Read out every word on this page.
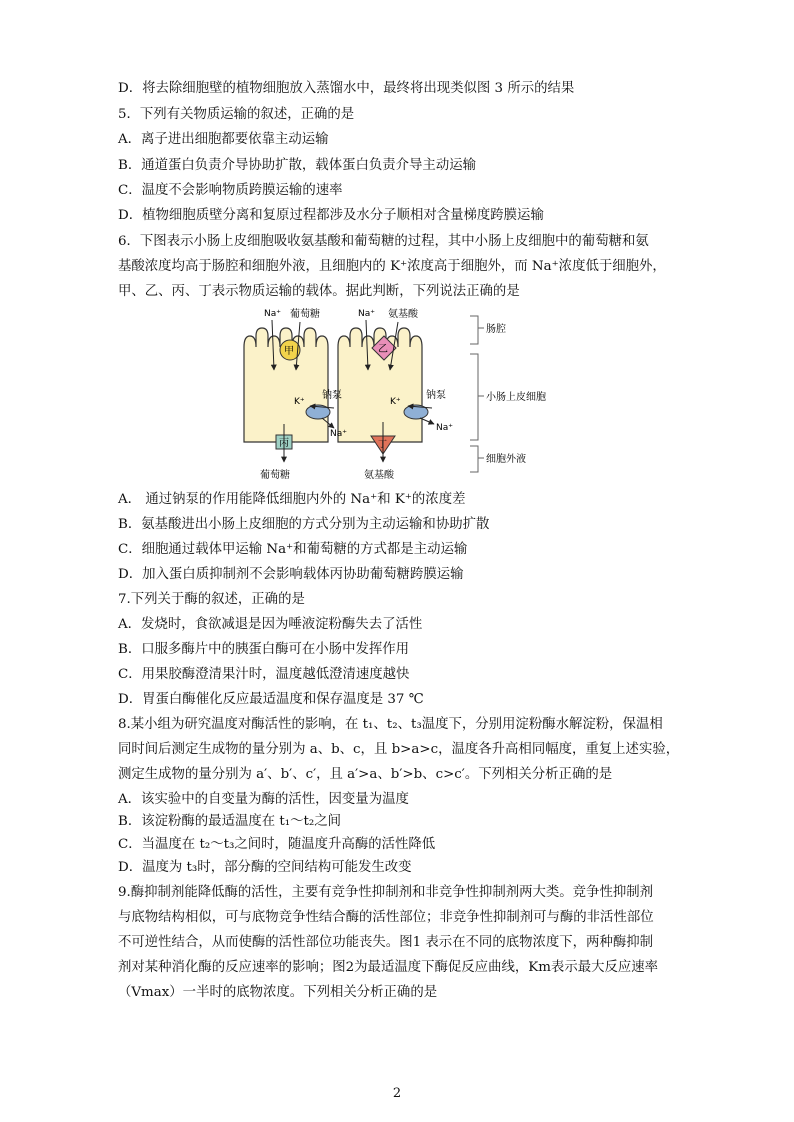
D．将去除细胞壁的植物细胞放入蒸馏水中，最终将出现类似图 3 所示的结果
5．下列有关物质运输的叙述，正确的是
A．离子进出细胞都要依靠主动运输
B．通道蛋白负责介导协助扩散，载体蛋白负责介导主动运输
C．温度不会影响物质跨膜运输的速率
D．植物细胞质壁分离和复原过程都涉及水分子顺相对含量梯度跨膜运输
6．下图表示小肠上皮细胞吸收氨基酸和葡萄糖的过程，其中小肠上皮细胞中的葡萄糖和氨
基酸浓度均高于肠腔和细胞外液，且细胞内的 K⁺浓度高于细胞外，而 Na⁺浓度低于细胞外，
甲、乙、丙、丁表示物质运输的载体。据此判断，下列说法正确的是
Na⁺ 葡萄糖	Na⁺ 氨基酸
甲	乙
钠泵	钠泵
K⁺	K⁺
Na⁺
Na⁺
丙	丁
葡萄糖	氨基酸
肠腔
小肠上皮细胞
细胞外液
A． 通过钠泵的作用能降低细胞内外的 Na⁺和 K⁺的浓度差
B．氨基酸进出小肠上皮细胞的方式分别为主动运输和协助扩散
C．细胞通过载体甲运输 Na⁺和葡萄糖的方式都是主动运输
D．加入蛋白质抑制剂不会影响载体丙协助葡萄糖跨膜运输
7.下列关于酶的叙述，正确的是
A．发烧时，食欲减退是因为唾液淀粉酶失去了活性
B．口服多酶片中的胰蛋白酶可在小肠中发挥作用
C．用果胶酶澄清果汁时，温度越低澄清速度越快
D．胃蛋白酶催化反应最适温度和保存温度是 37 ℃
8.某小组为研究温度对酶活性的影响，在 t₁、t₂、t₃温度下，分别用淀粉酶水解淀粉，保温相
同时间后测定生成物的量分别为 a、b、c，且 b>a>c，温度各升高相同幅度，重复上述实验，
测定生成物的量分别为 a′、b′、c′，且 a′>a、b′>b、c>c′。下列相关分析正确的是
A．该实验中的自变量为酶的活性，因变量为温度
B．该淀粉酶的最适温度在 t₁～t₂之间
C．当温度在 t₂～t₃之间时，随温度升高酶的活性降低
D．温度为 t₃时，部分酶的空间结构可能发生改变
9.酶抑制剂能降低酶的活性，主要有竞争性抑制剂和非竞争性抑制剂两大类。竞争性抑制剂
与底物结构相似，可与底物竞争性结合酶的活性部位；非竞争性抑制剂可与酶的非活性部位
不可逆性结合，从而使酶的活性部位功能丧失。图1 表示在不同的底物浓度下，两种酶抑制
剂对某种消化酶的反应速率的影响；图2为最适温度下酶促反应曲线，Km表示最大反应速率
（Vmax）一半时的底物浓度。下列相关分析正确的是
2
